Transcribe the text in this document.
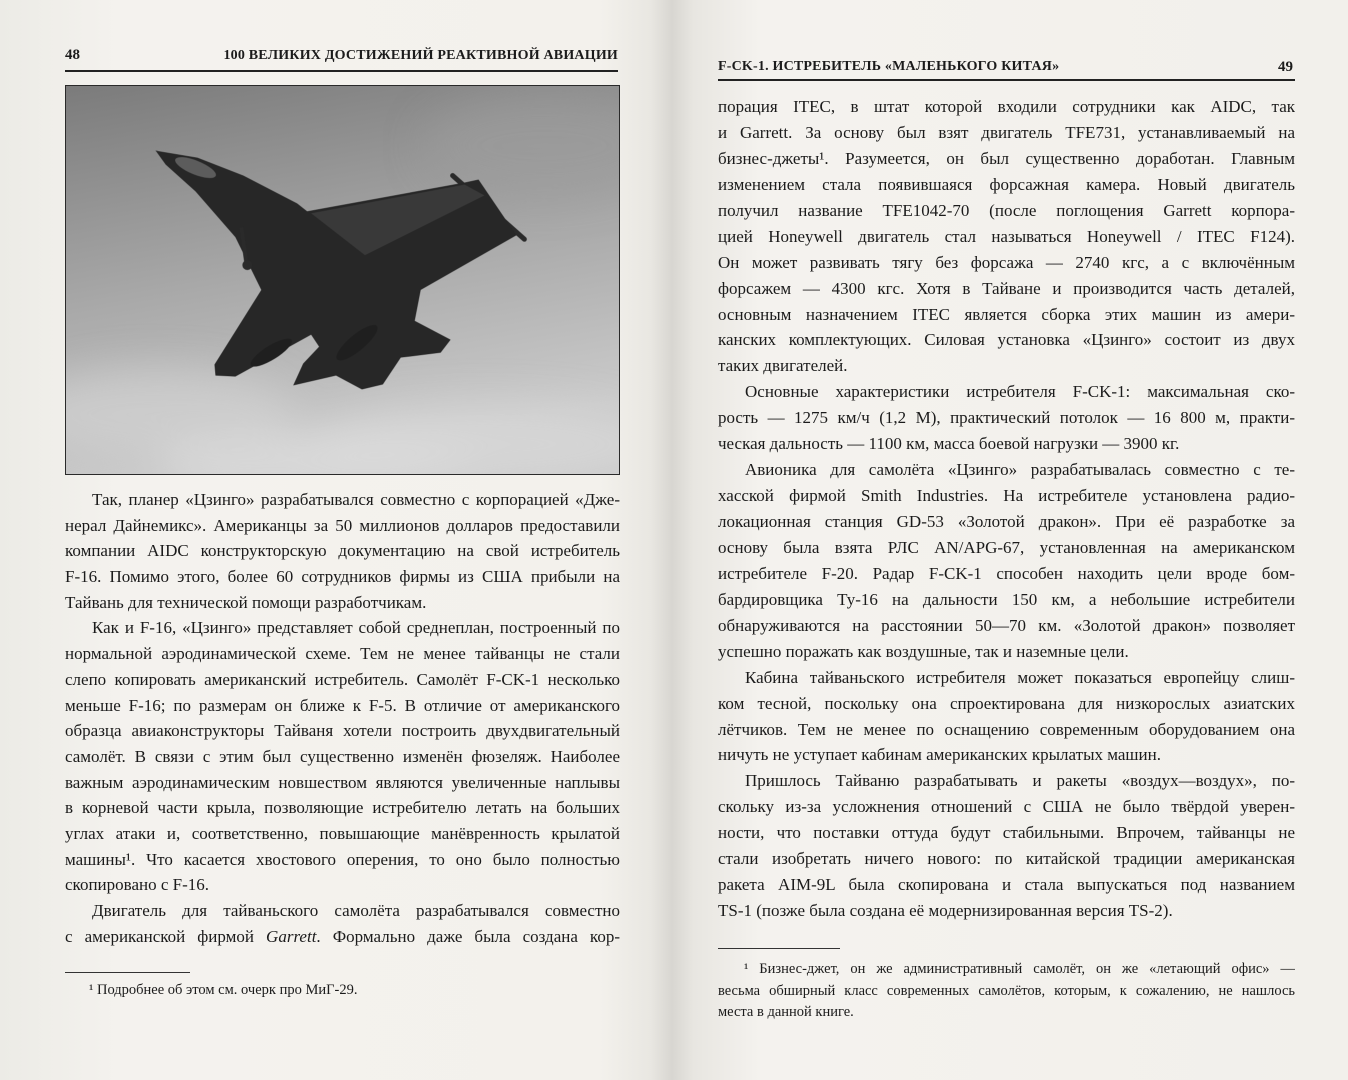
48	100 ВЕЛИКИХ ДОСТИЖЕНИЙ РЕАКТИВНОЙ АВИАЦИИ
Так, планер «Цзинго» разрабатывался совместно с корпорацией «Дже-
нерал Дайнемикс». Американцы за 50 миллионов долларов предоставили
компании AIDC конструкторскую документацию на свой истребитель
F-16. Помимо этого, более 60 сотрудников фирмы из США прибыли на
Тайвань для технической помощи разработчикам.
Как и F-16, «Цзинго» представляет собой среднеплан, построенный по
нормальной аэродинамической схеме. Тем не менее тайванцы не стали
слепо копировать американский истребитель. Самолёт F-CK-1 несколько
меньше F-16; по размерам он ближе к F-5. В отличие от американского
образца авиаконструкторы Тайваня хотели построить двухдвигательный
самолёт. В связи с этим был существенно изменён фюзеляж. Наиболее
важным аэродинамическим новшеством являются увеличенные наплывы
в корневой части крыла, позволяющие истребителю летать на больших
углах атаки и, соответственно, повышающие манёвренность крылатой
машины¹. Что касается хвостового оперения, то оно было полностью
скопировано с F-16.
Двигатель для тайваньского самолёта разрабатывался совместно
с американской фирмой Garrett. Формально даже была создана кор-
¹ Подробнее об этом см. очерк про МиГ-29.
F-CK-1. ИСТРЕБИТЕЛЬ «МАЛЕНЬКОГО КИТАЯ»	49
порация ITEC, в штат которой входили сотрудники как AIDC, так
и Garrett. За основу был взят двигатель TFE731, устанавливаемый на
бизнес-джеты¹. Разумеется, он был существенно доработан. Главным
изменением стала появившаяся форсажная камера. Новый двигатель
получил название TFE1042-70 (после поглощения Garrett корпора-
цией Honeywell двигатель стал называться Honeywell / ITEC F124).
Он может развивать тягу без форсажа — 2740 кгс, а с включённым
форсажем — 4300 кгс. Хотя в Тайване и производится часть деталей,
основным назначением ITEC является сборка этих машин из амери-
канских комплектующих. Силовая установка «Цзинго» состоит из двух
таких двигателей.
Основные характеристики истребителя F-CK-1: максимальная ско-
рость — 1275 км/ч (1,2 М), практический потолок — 16 800 м, практи-
ческая дальность — 1100 км, масса боевой нагрузки — 3900 кг.
Авионика для самолёта «Цзинго» разрабатывалась совместно с те-
хасской фирмой Smith Industries. На истребителе установлена радио-
локационная станция GD-53 «Золотой дракон». При её разработке за
основу была взята РЛС AN/APG-67, установленная на американском
истребителе F-20. Радар F-CK-1 способен находить цели вроде бом-
бардировщика Ту-16 на дальности 150 км, а небольшие истребители
обнаруживаются на расстоянии 50—70 км. «Золотой дракон» позволяет
успешно поражать как воздушные, так и наземные цели.
Кабина тайваньского истребителя может показаться европейцу слиш-
ком тесной, поскольку она спроектирована для низкорослых азиатских
лётчиков. Тем не менее по оснащению современным оборудованием она
ничуть не уступает кабинам американских крылатых машин.
Пришлось Тайваню разрабатывать и ракеты «воздух—воздух», по-
скольку из-за усложнения отношений с США не было твёрдой уверен-
ности, что поставки оттуда будут стабильными. Впрочем, тайванцы не
стали изобретать ничего нового: по китайской традиции американская
ракета AIM-9L была скопирована и стала выпускаться под названием
TS-1 (позже была создана её модернизированная версия TS-2).
¹ Бизнес-джет, он же административный самолёт, он же «летающий офис» —
весьма обширный класс современных самолётов, которым, к сожалению, не нашлось
места в данной книге.
